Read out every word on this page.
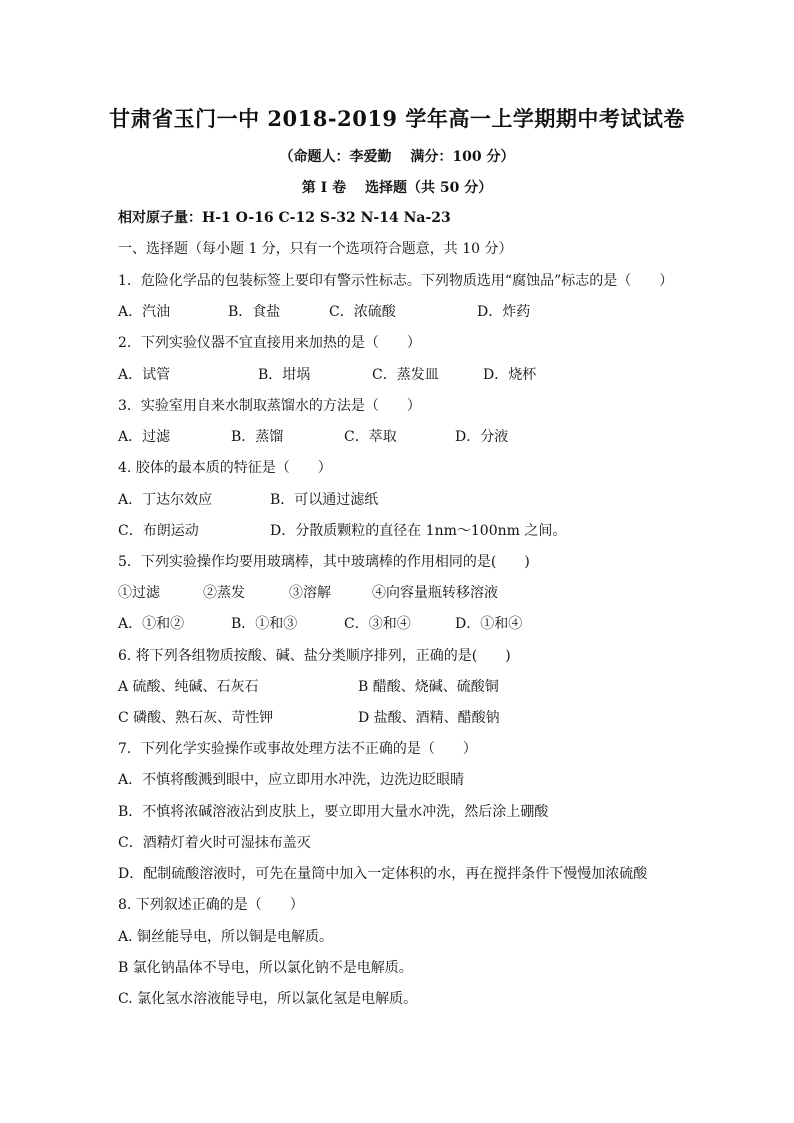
甘肃省玉门一中 2018-2019 学年高一上学期期中考试试卷
（命题人：李爱勤　 满分：100 分）
第 I 卷　 选择题（共 50 分）
相对原子量：H-1 O-16 C-12 S-32 N-14 Na-23
一、选择题（每小题 1 分，只有一个选项符合题意，共 10 分）
1．危险化学品的包装标签上要印有警示性标志。下列物质选用“腐蚀品”标志的是（　　）
A．汽油	B．食盐	C．浓硫酸	D．炸药
2．下列实验仪器不宜直接用来加热的是（　　）
A．试管	B．坩埚	C．蒸发皿	D．烧杯
3．实验室用自来水制取蒸馏水的方法是（　　）
A．过滤	B．蒸馏	C．萃取	D．分液
4. 胶体的最本质的特征是（　　）
A．丁达尔效应	B．可以通过滤纸
C．布朗运动	D．分散质颗粒的直径在 1nm～100nm 之间。
5．下列实验操作均要用玻璃棒，其中玻璃棒的作用相同的是(　　)
①过滤	②蒸发	③溶解	④向容量瓶转移溶液
A．①和②	B．①和③	C．③和④	D．①和④
6. 将下列各组物质按酸、碱、盐分类顺序排列，正确的是(　　)
A 硫酸、纯碱、石灰石	B 醋酸、烧碱、硫酸铜
C 磷酸、熟石灰、苛性钾	D 盐酸、酒精、醋酸钠
7．下列化学实验操作或事故处理方法不正确的是（　　）
A．不慎将酸溅到眼中，应立即用水冲洗，边洗边眨眼睛
B．不慎将浓碱溶液沾到皮肤上，要立即用大量水冲洗，然后涂上硼酸
C．酒精灯着火时可湿抹布盖灭
D．配制硫酸溶液时，可先在量筒中加入一定体积的水，再在搅拌条件下慢慢加浓硫酸
8. 下列叙述正确的是（　　）
A. 铜丝能导电，所以铜是电解质。
B 氯化钠晶体不导电，所以氯化钠不是电解质。
C. 氯化氢水溶液能导电，所以氯化氢是电解质。
